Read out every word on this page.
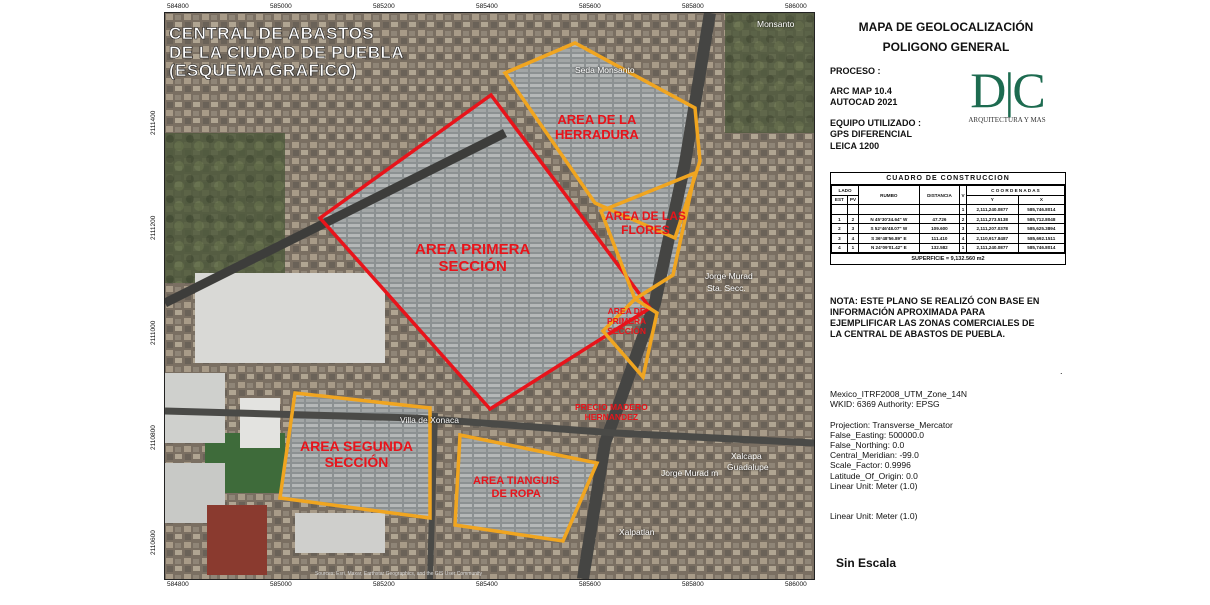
CENTRAL DE ABASTOS
DE LA CIUDAD DE PUEBLA
(ESQUEMA GRAFICO)
AREA DE LA
HERRADURA
AREA DE LAS
FLORES
AREA PRIMERA
SECCIÓN
AREA DE
PRIMERA
SECCIÓN
PRECIO MADERO
HERNANDEZ
AREA SEGUNDA
SECCIÓN
AREA TIANGUIS
DE ROPA
Seda Monsanto
Monsanto
Jorge Murad
Sta. Secc.
Jorge Murad m
Xalcapa
Guadalupe
Xalpatlan
Villa de Xonaca
Sources: Esri, Maxar, Earthstar Geographics, and the GIS User Community
584800	585000	585200	585400	585600	585800	586000
584800	585000	585200	585400	585600	585800	586000
2111400
2111200
2111000
2110800
2110600
MAPA DE GEOLOCALIZACIÓN
POLIGONO GENERAL
PROCESO :
ARC MAP 10.4
AUTOCAD 2021
EQUIPO UTILIZADO :
GPS DIFERENCIAL
LEICA 1200
D|C
ARQUITECTURA Y MAS
CUADRO DE CONSTRUCCION
LADO		RUMBO	DISTANCIA	V	C O O R D E N A D A S	
EST	PV				Y	X
				1	2,111,240.0877	585,746.8014
1	2	N 45°30'34.64" W	47.726	2	2,111,273.5138	585,712.8048
2	3	S 52°46'48.07" W	109.600	3	2,111,207.0378	585,625.3894
3	4	S 36°48'56.89" E	111.410	4	2,110,917.8487	585,692.1511
4	1	N 24°09'01.42" E	132.582	1	2,111,240.0877	585,746.8014
SUPERFICIE = 9,132.560 m2
NOTA: ESTE PLANO SE REALIZÓ CON BASE EN INFORMACIÓN APROXIMADA PARA EJEMPLIFICAR LAS ZONAS COMERCIALES DE LA CENTRAL DE ABASTOS DE PUEBLA.
.
Mexico_ITRF2008_UTM_Zone_14N
WKID: 6369 Authority: EPSG

Projection: Transverse_Mercator
False_Easting: 500000.0
False_Northing: 0.0
Central_Meridian: -99.0
Scale_Factor: 0.9996
Latitude_Of_Origin: 0.0
Linear Unit: Meter (1.0)
Linear Unit: Meter (1.0)
Sin Escala
